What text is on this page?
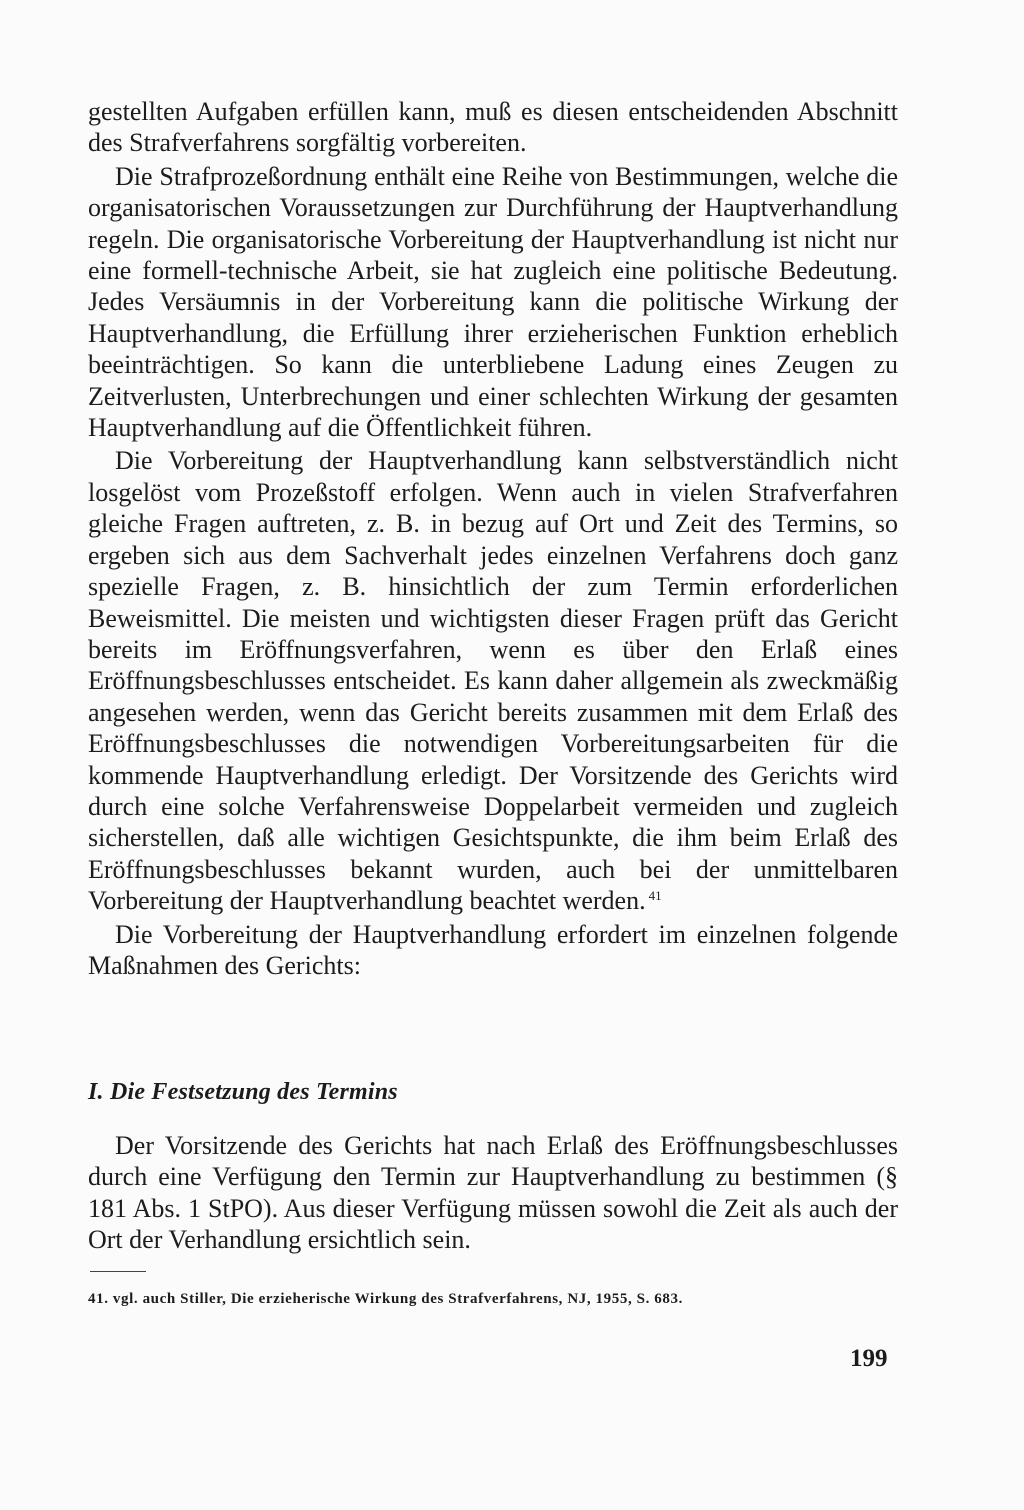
gestellten Aufgaben erfüllen kann, muß es diesen entscheidenden Abschnitt des Strafverfahrens sorgfältig vorbereiten.

Die Strafprozeßordnung enthält eine Reihe von Bestimmungen, welche die organisatorischen Voraussetzungen zur Durchführung der Hauptverhandlung regeln. Die organisatorische Vorbereitung der Hauptverhandlung ist nicht nur eine formell-technische Arbeit, sie hat zugleich eine politische Bedeutung. Jedes Versäumnis in der Vorbereitung kann die politische Wirkung der Hauptverhandlung, die Erfüllung ihrer erzieherischen Funktion erheblich beeinträchtigen. So kann die unterbliebene Ladung eines Zeugen zu Zeitverlusten, Unterbrechungen und einer schlechten Wirkung der gesamten Hauptverhandlung auf die Öffentlichkeit führen.

Die Vorbereitung der Hauptverhandlung kann selbstverständlich nicht losgelöst vom Prozeßstoff erfolgen. Wenn auch in vielen Strafverfahren gleiche Fragen auftreten, z. B. in bezug auf Ort und Zeit des Termins, so ergeben sich aus dem Sachverhalt jedes einzelnen Verfahrens doch ganz spezielle Fragen, z. B. hinsichtlich der zum Termin erforderlichen Beweismittel. Die meisten und wichtigsten dieser Fragen prüft das Gericht bereits im Eröffnungsverfahren, wenn es über den Erlaß eines Eröffnungsbeschlusses entscheidet. Es kann daher allgemein als zweckmäßig angesehen werden, wenn das Gericht bereits zusammen mit dem Erlaß des Eröffnungsbeschlusses die notwendigen Vorbereitungsarbeiten für die kommende Hauptverhandlung erledigt. Der Vorsitzende des Gerichts wird durch eine solche Verfahrensweise Doppelarbeit vermeiden und zugleich sicherstellen, daß alle wichtigen Gesichtspunkte, die ihm beim Erlaß des Eröffnungsbeschlusses bekannt wurden, auch bei der unmittelbaren Vorbereitung der Hauptverhandlung beachtet werden. $^{41}$

Die Vorbereitung der Hauptverhandlung erfordert im einzelnen folgende Maßnahmen des Gerichts:

I. Die Festsetzung des Termins

Der Vorsitzende des Gerichts hat nach Erlaß des Eröffnungsbeschlusses durch eine Verfügung den Termin zur Hauptverhandlung zu bestimmen (§ 181 Abs. 1 StPO). Aus dieser Verfügung müssen sowohl die Zeit als auch der Ort der Verhandlung ersichtlich sein.

41. vgl. auch Stiller, Die erzieherische Wirkung des Strafverfahrens, NJ, 1955, S. 683.

199
